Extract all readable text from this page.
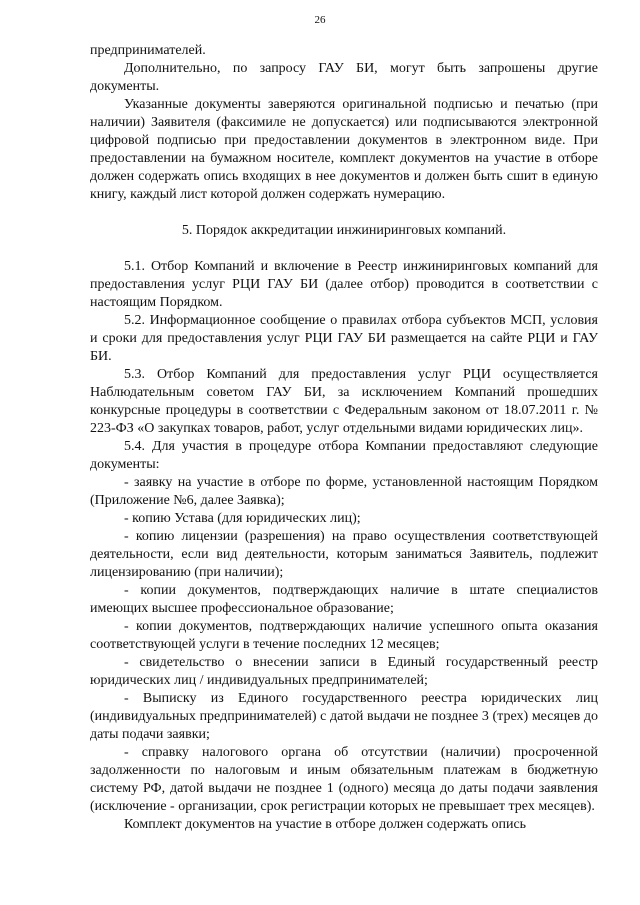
26

предпринимателей.

Дополнительно, по запросу ГАУ БИ, могут быть запрошены другие документы.

Указанные документы заверяются оригинальной подписью и печатью (при наличии) Заявителя (факсимиле не допускается) или подписываются электронной цифровой подписью при предоставлении документов в электронном виде. При предоставлении на бумажном носителе, комплект документов на участие в отборе должен содержать опись входящих в нее документов и должен быть сшит в единую книгу, каждый лист которой должен содержать нумерацию.

5. Порядок аккредитации инжиниринговых компаний.

5.1. Отбор Компаний и включение в Реестр инжиниринговых компаний для предоставления услуг РЦИ ГАУ БИ (далее отбор) проводится в соответствии с настоящим Порядком.

5.2. Информационное сообщение о правилах отбора субъектов МСП, условия и сроки для предоставления услуг РЦИ ГАУ БИ размещается на сайте РЦИ и ГАУ БИ.

5.3. Отбор Компаний для предоставления услуг РЦИ осуществляется Наблюдательным советом ГАУ БИ, за исключением Компаний прошедших конкурсные процедуры в соответствии с Федеральным законом от 18.07.2011 г. № 223-ФЗ «О закупках товаров, работ, услуг отдельными видами юридических лиц».

5.4. Для участия в процедуре отбора Компании предоставляют следующие документы:

- заявку на участие в отборе по форме, установленной настоящим Порядком (Приложение №6, далее Заявка);

- копию Устава (для юридических лиц);

- копию лицензии (разрешения) на право осуществления соответствующей деятельности, если вид деятельности, которым заниматься Заявитель, подлежит лицензированию (при наличии);

- копии документов, подтверждающих наличие в штате специалистов имеющих высшее профессиональное образование;

- копии документов, подтверждающих наличие успешного опыта оказания соответствующей услуги в течение последних 12 месяцев;

- свидетельство о внесении записи в Единый государственный реестр юридических лиц / индивидуальных предпринимателей;

- Выписку из Единого государственного реестра юридических лиц (индивидуальных предпринимателей) с датой выдачи не позднее 3 (трех) месяцев до даты подачи заявки;

- справку налогового органа об отсутствии (наличии) просроченной задолженности по налоговым и иным обязательным платежам в бюджетную систему РФ, датой выдачи не позднее 1 (одного) месяца до даты подачи заявления (исключение - организации, срок регистрации которых не превышает трех месяцев).

Комплект документов на участие в отборе должен содержать опись
